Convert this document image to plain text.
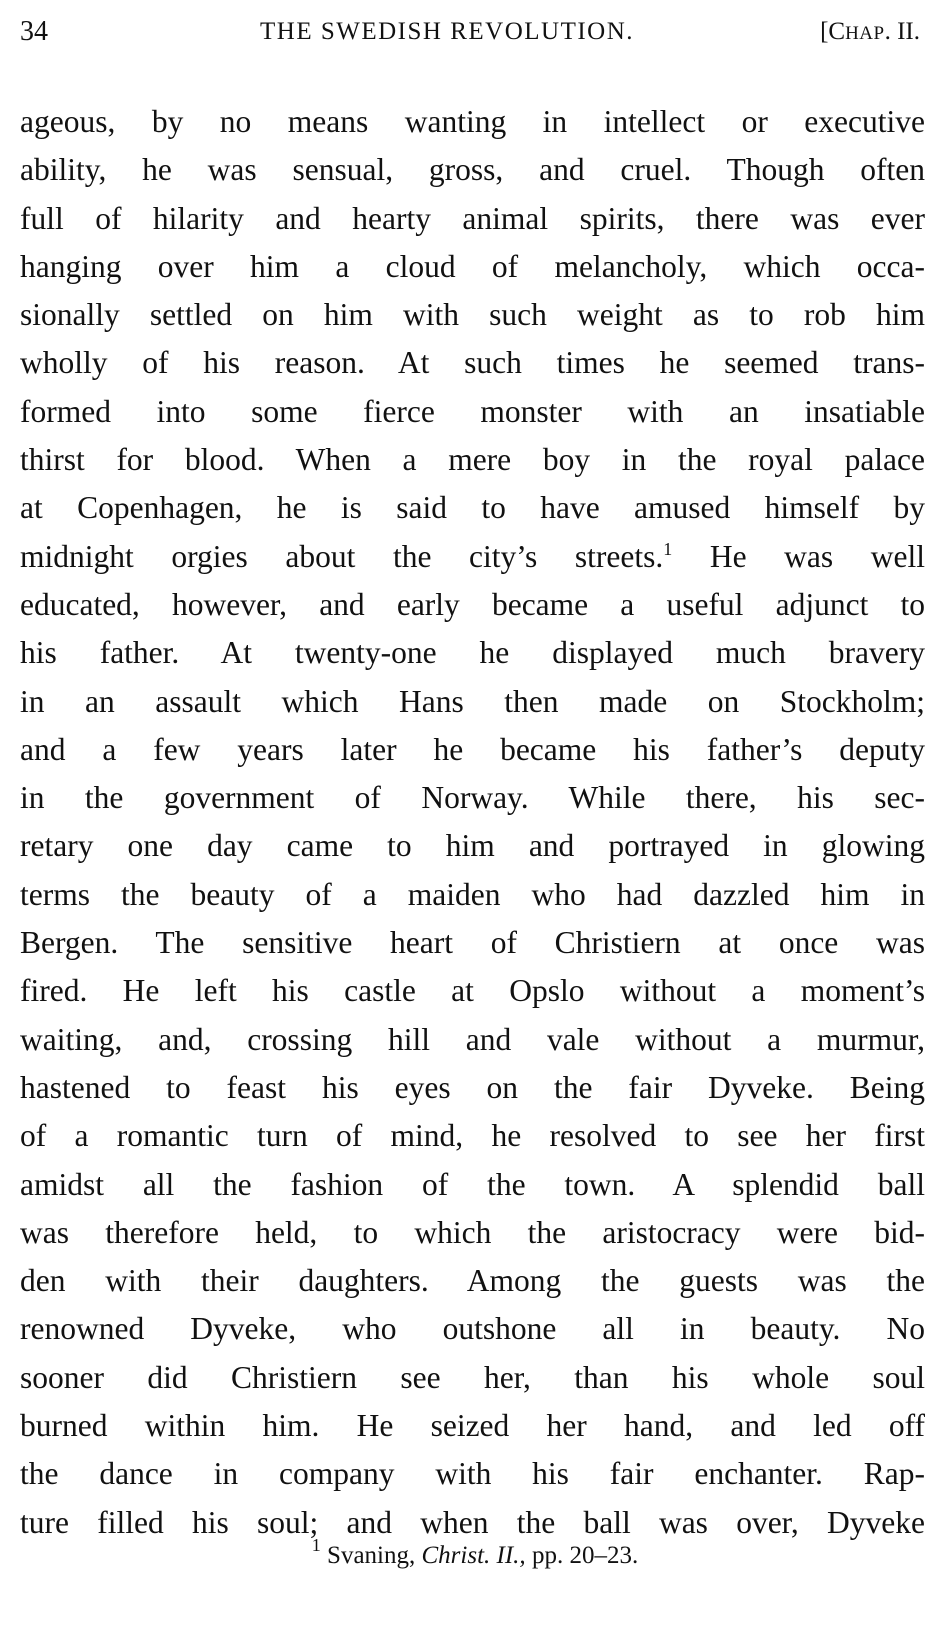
34	THE SWEDISH REVOLUTION.	[CHAP. II.
ageous, by no means wanting in intellect or executive
ability, he was sensual, gross, and cruel. Though often
full of hilarity and hearty animal spirits, there was ever
hanging over him a cloud of melancholy, which occa-
sionally settled on him with such weight as to rob him
wholly of his reason. At such times he seemed trans-
formed into some fierce monster with an insatiable
thirst for blood. When a mere boy in the royal palace
at Copenhagen, he is said to have amused himself by
midnight orgies about the city’s streets.$^1$ He was well
educated, however, and early became a useful adjunct to
his father. At twenty-one he displayed much bravery
in an assault which Hans then made on Stockholm;
and a few years later he became his father’s deputy
in the government of Norway. While there, his sec-
retary one day came to him and portrayed in glowing
terms the beauty of a maiden who had dazzled him in
Bergen. The sensitive heart of Christiern at once was
fired. He left his castle at Opslo without a moment’s
waiting, and, crossing hill and vale without a murmur,
hastened to feast his eyes on the fair Dyveke. Being
of a romantic turn of mind, he resolved to see her first
amidst all the fashion of the town. A splendid ball
was therefore held, to which the aristocracy were bid-
den with their daughters. Among the guests was the
renowned Dyveke, who outshone all in beauty. No
sooner did Christiern see her, than his whole soul
burned within him. He seized her hand, and led off
the dance in company with his fair enchanter. Rap-
ture filled his soul; and when the ball was over, Dyveke
$^1$ Svaning, Christ. II., pp. 20–23.
